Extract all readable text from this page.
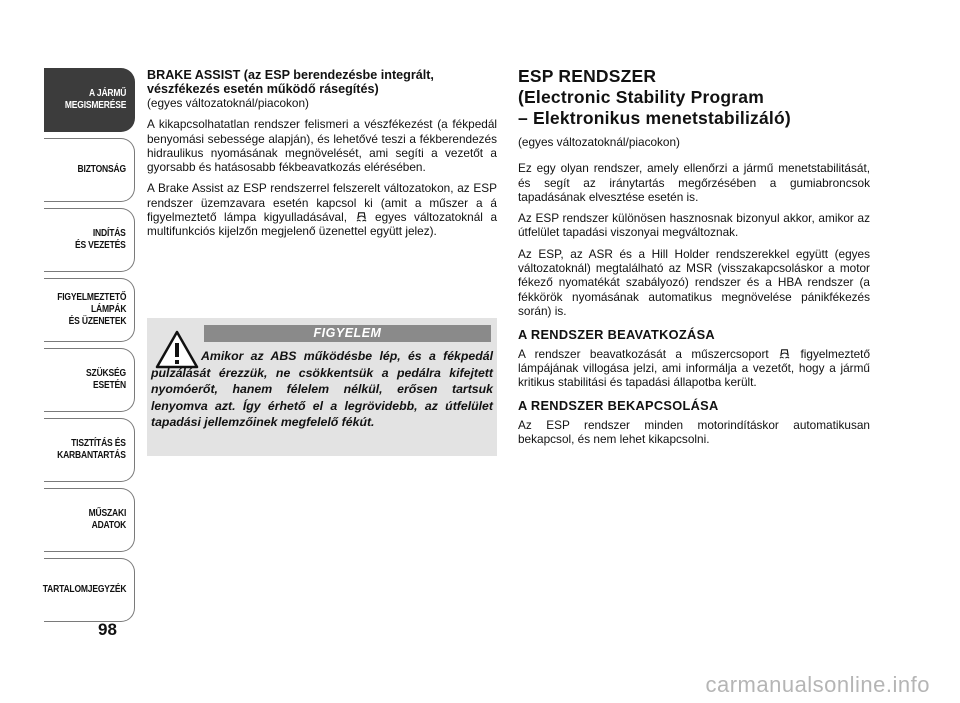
A JÁRMŰ
MEGISMERÉSE
BIZTONSÁG
INDÍTÁS
ÉS VEZETÉS
FIGYELMEZTETŐ
LÁMPÁK
ÉS ÜZENETEK
SZÜKSÉG
ESETÉN
TISZTÍTÁS ÉS
KARBANTARTÁS
MŰSZAKI
ADATOK
TARTALOMJEGYZÉK
98
BRAKE ASSIST (az ESP berendezésbe integrált, vészfékezés esetén működő rásegítés)
(egyes változatoknál/piacokon)

A kikapcsolhatatlan rendszer felismeri a vészfékezést (a fékpedál benyomási sebessége alapján), és lehetővé teszi a fékberendezés hidraulikus nyomásának megnövelését, ami segíti a vezetőt a gyorsabb és hatásosabb fékbeavatkozás elérésében.

A Brake Assist az ESP rendszerrel felszerelt változatokon, az ESP rendszer üzemzavara esetén kapcsol ki (amit a műszer a á figyelmeztető lámpa kigyulladásával, egyes változatoknál a multifunkciós kijelzőn megjelenő üzenettel együtt jelez).

FIGYELEM
Amikor az ABS működésbe lép, és a fékpedál pulzálását érezzük, ne csökkentsük a pedálra kifejtett nyomóerőt, hanem félelem nélkül, erősen tartsuk lenyomva azt. Így érhető el a legrövidebb, az útfelület tapadási jellemzőinek megfelelő fékút.
ESP RENDSZER
(Electronic Stability Program
– Elektronikus menetstabilizáló)
(egyes változatoknál/piacokon)

Ez egy olyan rendszer, amely ellenőrzi a jármű menetstabilitását, és segít az iránytartás megőrzésében a gumiabroncsok tapadásának elvesztése esetén is.

Az ESP rendszer különösen hasznosnak bizonyul akkor, amikor az útfelület tapadási viszonyai megváltoznak.

Az ESP, az ASR és a Hill Holder rendszerekkel együtt (egyes változatoknál) megtalálható az MSR (visszakapcsoláskor a motor fékező nyomatékát szabályozó) rendszer és a HBA rendszer (a fékkörök nyomásának automatikus megnövelése pánikfékezés során) is.

A RENDSZER BEAVATKOZÁSA

A rendszer beavatkozását a műszercsoport	figyelmeztető lámpájának villogása jelzi, ami informálja a vezetőt, hogy a jármű kritikus stabilitási és tapadási állapotba került.

A RENDSZER BEKAPCSOLÁSA

Az ESP rendszer minden motorindításkor automatikusan bekapcsol, és nem lehet kikapcsolni.

carmanualsonline.info
